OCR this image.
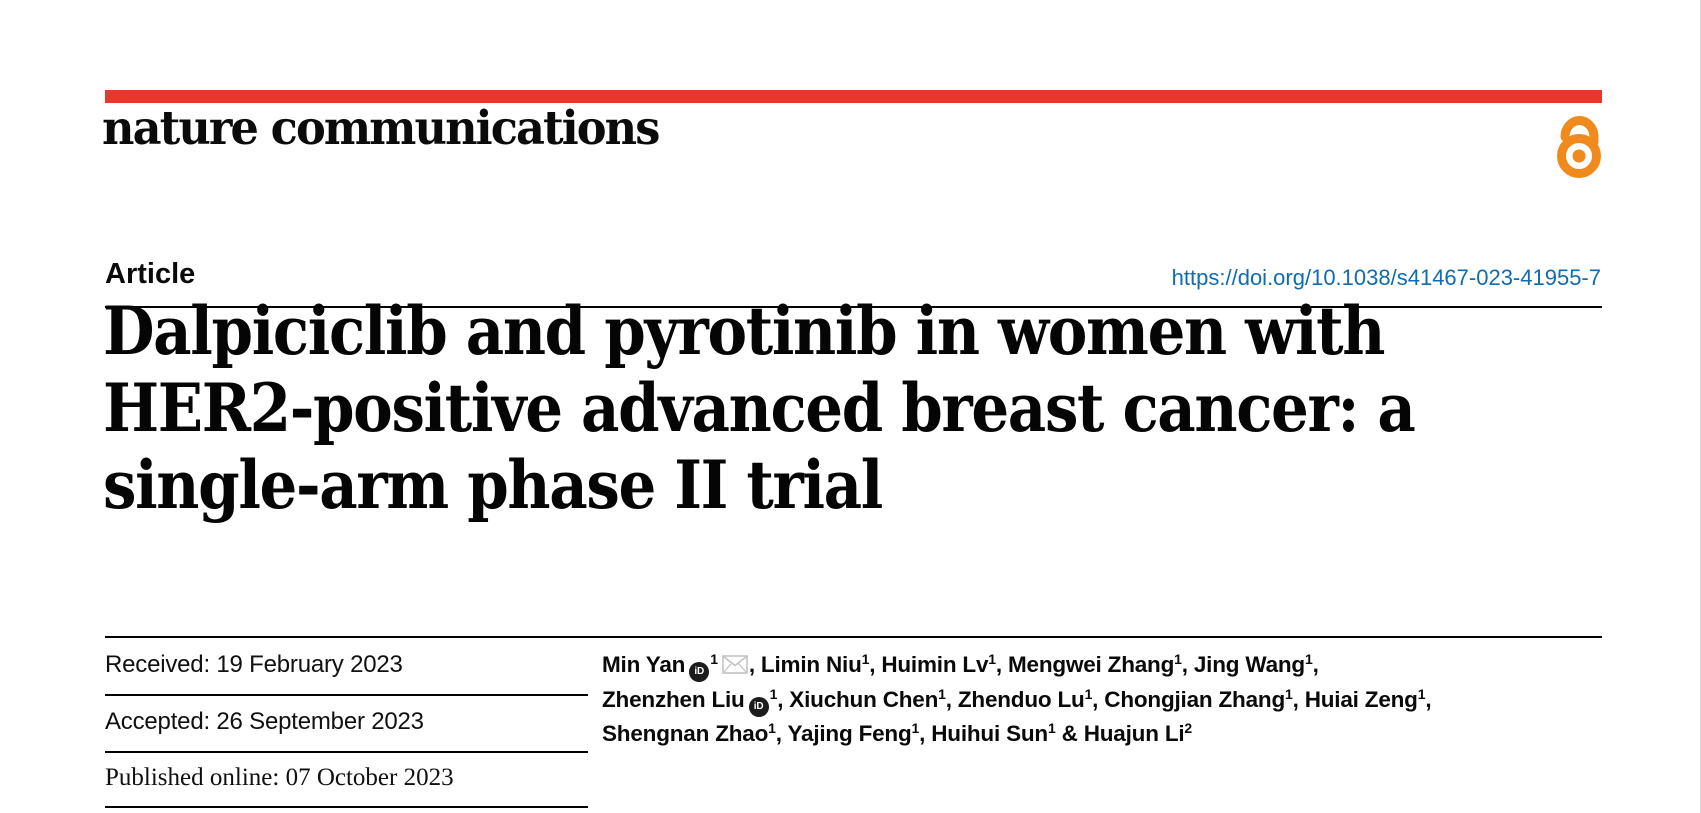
nature communications
Article	https://doi.org/10.1038/s41467-023-41955-7
Dalpiciclib and pyrotinib in women with
HER2-positive advanced breast cancer: a
single-arm phase II trial
Received: 19 February 2023
Accepted: 26 September 2023
Published online: 07 October 2023
Min Yan $iD^1$ , Limin Niu$^1$, Huimin Lv$^1$, Mengwei Zhang$^1$, Jing Wang$^1$,
Zhenzhen Liu $iD^1$, Xiuchun Chen$^1$, Zhenduo Lu$^1$, Chongjian Zhang$^1$, Huiai Zeng$^1$,
Shengnan Zhao$^1$, Yajing Feng$^1$, Huihui Sun$^1$ & Huajun Li$^2$
